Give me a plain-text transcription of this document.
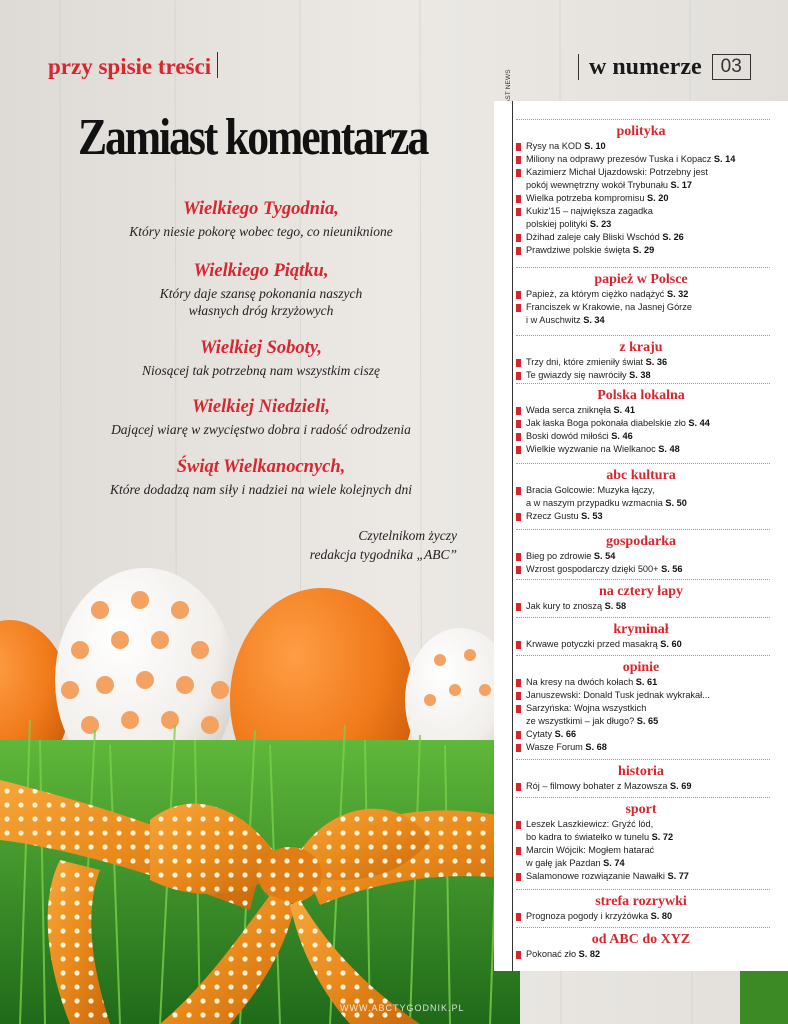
przy spisie treści	w numerze	03
Zamiast komentarza
Wielkiego Tygodnia,
Który niesie pokorę wobec tego, co nieuniknione
Wielkiego Piątku,
Który daje szansę pokonania naszych własnych dróg krzyżowych
Wielkiej Soboty,
Niosącej tak potrzebną nam wszystkim ciszę
Wielkiej Niedzieli,
Dającej wiarę w zwycięstwo dobra i radość odrodzenia
Świąt Wielkanocnych,
Które dodadzą nam siły i nadziei na wiele kolejnych dni
Czytelnikom życzy
redakcja tygodnika „ABC”
polityka
Rysy na KOD S. 10
Miliony na odprawy prezesów Tuska i Kopacz S. 14
Kazimierz Michał Ujazdowski: Potrzebny jest
pokój wewnętrzny wokół Trybunału S. 17
Wielka potrzeba kompromisu S. 20
Kukiz'15 – największa zagadka
polskiej polityki S. 23
Dżihad zaleje cały Bliski Wschód S. 26
Prawdziwe polskie święta S. 29
papież w Polsce
Papież, za którym ciężko nadążyć S. 32
Franciszek w Krakowie, na Jasnej Górze
i w Auschwitz S. 34
z kraju
Trzy dni, które zmieniły świat S. 36
Te gwiazdy się nawróciły S. 38
Polska lokalna
Wada serca zniknęła S. 41
Jak łaska Boga pokonała diabelskie zło S. 44
Boski dowód miłości S. 46
Wielkie wyzwanie na Wielkanoc S. 48
abc kultura
Bracia Golcowie: Muzyka łączy,
a w naszym przypadku wzmacnia S. 50
Rzecz Gustu S. 53
gospodarka
Bieg po zdrowie S. 54
Wzrost gospodarczy dzięki 500+ S. 56
na cztery łapy
Jak kury to znoszą S. 58
kryminał
Krwawe potyczki przed masakrą S. 60
opinie
Na kresy na dwóch kołach S. 61
Januszewski: Donald Tusk jednak wykrakał...
Sarzyńska: Wojna wszystkich
ze wszystkimi – jak długo? S. 65
Cytaty S. 66
Wasze Forum S. 68
historia
Rój – filmowy bohater z Mazowsza S. 69
sport
Leszek Laszkiewicz: Gryźć lód,
bo kadra to światełko w tunelu S. 72
Marcin Wójcik: Mogłem hatarać
w gałę jak Pazdan S. 74
Salamonowe rozwiązanie Nawałki S. 77
strefa rozrywki
Prognoza pogody i krzyżówka S. 80
od ABC do XYZ
Pokonać zło S. 82
WWW.ABCTYGODNIK.PL
